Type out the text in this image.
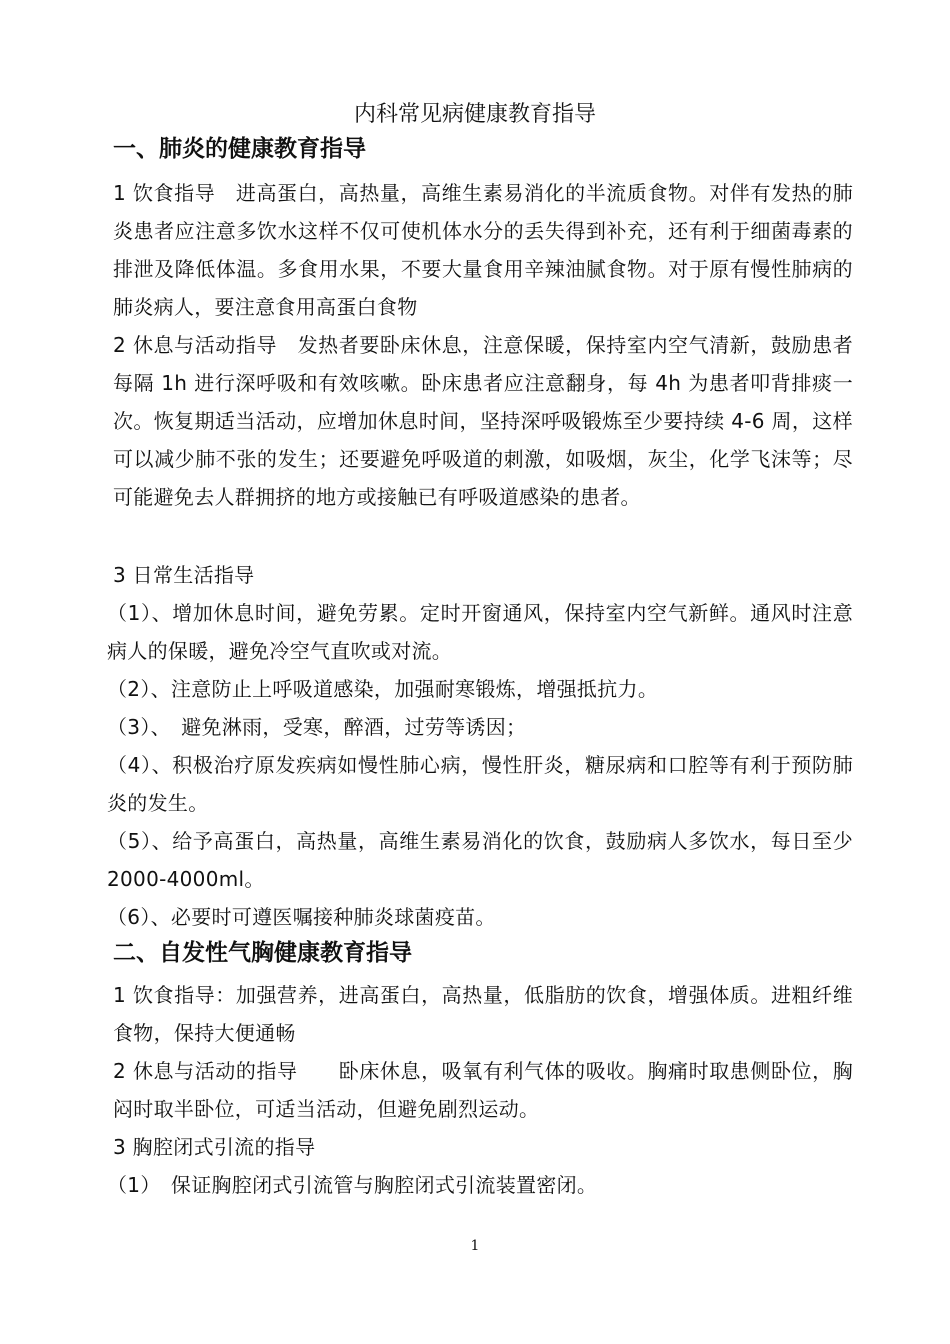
内科常见病健康教育指导
一、肺炎的健康教育指导
1 饮食指导　进高蛋白，高热量，高维生素易消化的半流质食物。对伴有发热的肺炎患者应注意多饮水这样不仅可使机体水分的丢失得到补充，还有利于细菌毒素的排泄及降低体温。多食用水果，不要大量食用辛辣油腻食物。对于原有慢性肺病的肺炎病人，要注意食用高蛋白食物
2 休息与活动指导　发热者要卧床休息，注意保暖，保持室内空气清新，鼓励患者每隔 1h 进行深呼吸和有效咳嗽。卧床患者应注意翻身，每 4h 为患者叩背排痰一次。恢复期适当活动，应增加休息时间，坚持深呼吸锻炼至少要持续 4-6 周，这样可以减少肺不张的发生；还要避免呼吸道的刺激，如吸烟，灰尘，化学飞沫等；尽可能避免去人群拥挤的地方或接触已有呼吸道感染的患者。
3 日常生活指导
（1）、增加休息时间，避免劳累。定时开窗通风，保持室内空气新鲜。通风时注意病人的保暖，避免冷空气直吹或对流。
（2）、注意防止上呼吸道感染，加强耐寒锻炼，增强抵抗力。
（3）、　避免淋雨，受寒，醉酒，过劳等诱因；
（4）、积极治疗原发疾病如慢性肺心病，慢性肝炎，糖尿病和口腔等有利于预防肺炎的发生。
（5）、给予高蛋白，高热量，高维生素易消化的饮食，鼓励病人多饮水，每日至少 2000-4000ml。
（6）、必要时可遵医嘱接种肺炎球菌疫苗。
二、自发性气胸健康教育指导
1 饮食指导：加强营养，进高蛋白，高热量，低脂肪的饮食，增强体质。进粗纤维食物，保持大便通畅
2 休息与活动的指导　　卧床休息，吸氧有利气体的吸收。胸痛时取患侧卧位，胸闷时取半卧位，可适当活动，但避免剧烈运动。
3 胸腔闭式引流的指导
（1）　保证胸腔闭式引流管与胸腔闭式引流装置密闭。
1
